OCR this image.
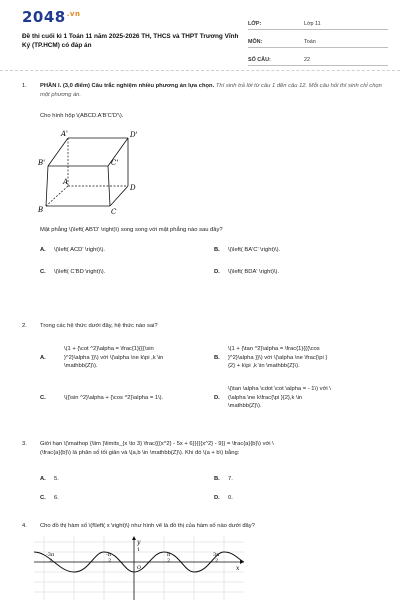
$2048^{.vn}$
Đề thi cuối kì 1 Toán 11 năm 2025-2026 TH, THCS và THPT Trương Vĩnh Ký (TP.HCM) có đáp án
LỚP:	Lớp 11
MÔN:	Toán
SỐ CÂU:	22
1. PHẦN I. (3,0 điểm) Câu trắc nghiệm nhiều phương án lựa chọn. Thí sinh trả lời từ câu 1 đến câu 12. Mỗi câu hỏi thí sinh chỉ chọn một phương án.
Cho hình hộp \(ABCD.A'B'C'D'\).
D'
A'
B'	C'
A
D
B	C
Mặt phẳng \(\left( AB'D' \right)\) song song với mặt phẳng nào sau đây?
A. \(\left( ACD' \right)\).	B. \(\left( BA'C' \right)\).
C. \(\left( C'BD \right)\).	D. \(\left( BDA' \right)\).
2. Trong các hệ thức dưới đây, hệ thức nào sai?
A.
\(1 + {\cot ^2}\alpha = \frac{1}{{{\sin
}^2}\alpha }}\) với \(\alpha \ne k\pi ,k \in
\mathbb{Z}\).
B.
\(1 + {\tan ^2}\alpha = \frac{1}{{{\cos
}^2}\alpha }}\) với \(\alpha \ne \frac{\pi }
{2} + k\pi ,k \in \mathbb{Z}\).
C.	\({\sin ^2}\alpha + {\cos ^2}\alpha = 1\).	D.
\(\tan \alpha \cdot \cot \alpha = - 1\) với \
(\alpha \ne k\frac{\pi }{2},k \in
\mathbb{Z}\).
3. Giới hạn \(\mathop {\lim }\limits_{x \to 3} \frac{{{x^2} - 5x + 6}}{{{x^2} - 9}} = \frac{a}{b}\) với \
(\frac{a}{b}\) là phân số tối giản và \(a,b \in \mathbb{Z}\). Khi đó \(a + b\) bằng:
A. 5.	B. 7.
C. 6.	D. 0.
4. Cho đồ thị hàm số \(f\left( x \right)\) như hình vẽ là đồ thị của hàm số nào dưới đây?
y
x
O
1
-3π
2
-π
2
π
2
3π
2
